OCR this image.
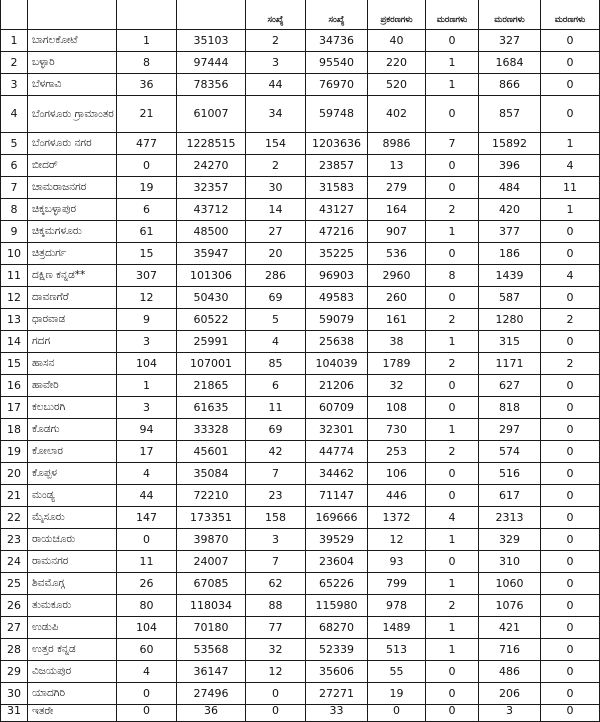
				ಸಂಖ್ಯೆ	ಸಂಖ್ಯೆ	ಪ್ರಕರಣಗಳು	ಮರಣಗಳು	ಮರಣಗಳು	ಮರಣಗಳು
1	ಬಾಗಲಕೋಟೆ	1	35103	2	34736	40	0	327	0
2	ಬಳ್ಳಾರಿ	8	97444	3	95540	220	1	1684	0
3	ಬೆಳಗಾವಿ	36	78356	44	76970	520	1	866	0
4	ಬೆಂಗಳೂರು ಗ್ರಾಮಾಂತರ	21	61007	34	59748	402	0	857	0
5	ಬೆಂಗಳೂರು ನಗರ	477	1228515	154	1203636	8986	7	15892	1
6	ಬೀದರ್	0	24270	2	23857	13	0	396	4
7	ಚಾಮರಾಜನಗರ	19	32357	30	31583	279	0	484	11
8	ಚಿಕ್ಕಬಳ್ಳಾಪುರ	6	43712	14	43127	164	2	420	1
9	ಚಿಕ್ಕಮಗಳೂರು	61	48500	27	47216	907	1	377	0
10	ಚಿತ್ರದುರ್ಗ	15	35947	20	35225	536	0	186	0
11	ದಕ್ಷಿಣ ಕನ್ನಡ**	307	101306	286	96903	2960	8	1439	4
12	ದಾವಣಗೆರೆ	12	50430	69	49583	260	0	587	0
13	ಧಾರವಾಡ	9	60522	5	59079	161	2	1280	2
14	ಗದಗ	3	25991	4	25638	38	1	315	0
15	ಹಾಸನ	104	107001	85	104039	1789	2	1171	2
16	ಹಾವೇರಿ	1	21865	6	21206	32	0	627	0
17	ಕಲಬುರಗಿ	3	61635	11	60709	108	0	818	0
18	ಕೊಡಗು	94	33328	69	32301	730	1	297	0
19	ಕೋಲಾರ	17	45601	42	44774	253	2	574	0
20	ಕೊಪ್ಪಳ	4	35084	7	34462	106	0	516	0
21	ಮಂಡ್ಯ	44	72210	23	71147	446	0	617	0
22	ಮೈಸೂರು	147	173351	158	169666	1372	4	2313	0
23	ರಾಯಚೂರು	0	39870	3	39529	12	1	329	0
24	ರಾಮನಗರ	11	24007	7	23604	93	0	310	0
25	ಶಿವಮೊಗ್ಗ	26	67085	62	65226	799	1	1060	0
26	ತುಮಕೂರು	80	118034	88	115980	978	2	1076	0
27	ಉಡುಪಿ	104	70180	77	68270	1489	1	421	0
28	ಉತ್ತರ ಕನ್ನಡ	60	53568	32	52339	513	1	716	0
29	ವಿಜಯಪುರ	4	36147	12	35606	55	0	486	0
30	ಯಾದಗಿರಿ	0	27496	0	27271	19	0	206	0
31	ಇತರೇ	0	36	0	33	0	0	3	0
